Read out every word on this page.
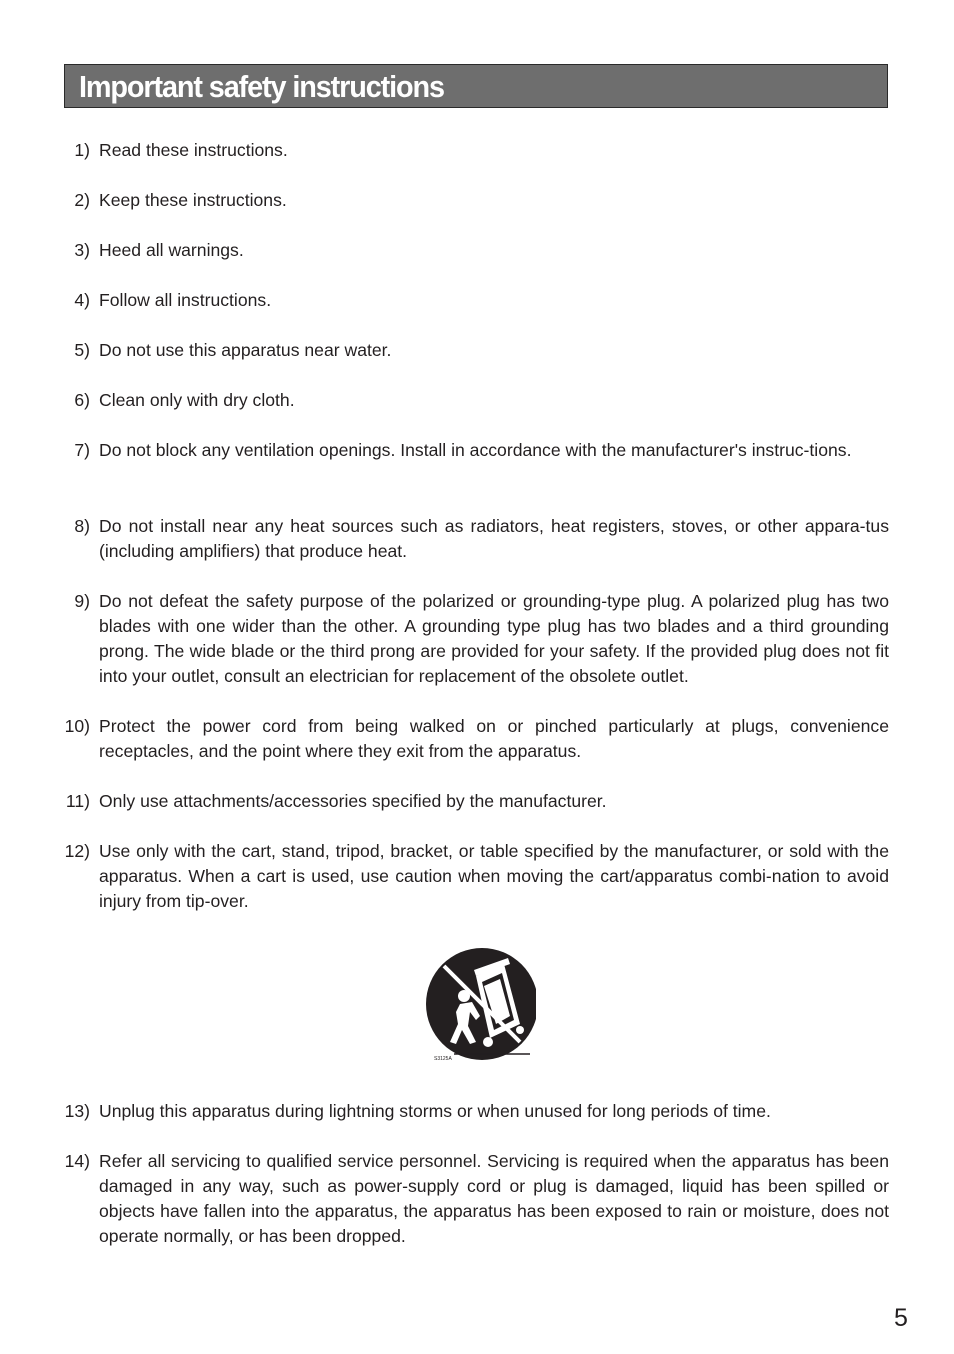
Important safety instructions
1) Read these instructions.
2) Keep these instructions.
3) Heed all warnings.
4) Follow all instructions.
5) Do not use this apparatus near water.
6) Clean only with dry cloth.
7) Do not block any ventilation openings. Install in accordance with the manufacturer's instruc-tions.
8) Do not install near any heat sources such as radiators, heat registers, stoves, or other appara-tus (including amplifiers) that produce heat.
9) Do not defeat the safety purpose of the polarized or grounding-type plug. A polarized plug has two blades with one wider than the other. A grounding type plug has two blades and a third grounding prong. The wide blade or the third prong are provided for your safety. If the provided plug does not fit into your outlet, consult an electrician for replacement of the obsolete outlet.
10) Protect the power cord from being walked on or pinched particularly at plugs, convenience receptacles, and the point where they exit from the apparatus.
11) Only use attachments/accessories specified by the manufacturer.
12) Use only with the cart, stand, tripod, bracket, or table specified by the manufacturer, or sold with the apparatus. When a cart is used, use caution when moving the cart/apparatus combi-nation to avoid injury from tip-over.
S3125A
13) Unplug this apparatus during lightning storms or when unused for long periods of time.
14) Refer all servicing to qualified service personnel. Servicing is required when the apparatus has been damaged in any way, such as power-supply cord or plug is damaged, liquid has been spilled or objects have fallen into the apparatus, the apparatus has been exposed to rain or moisture, does not operate normally, or has been dropped.
5
